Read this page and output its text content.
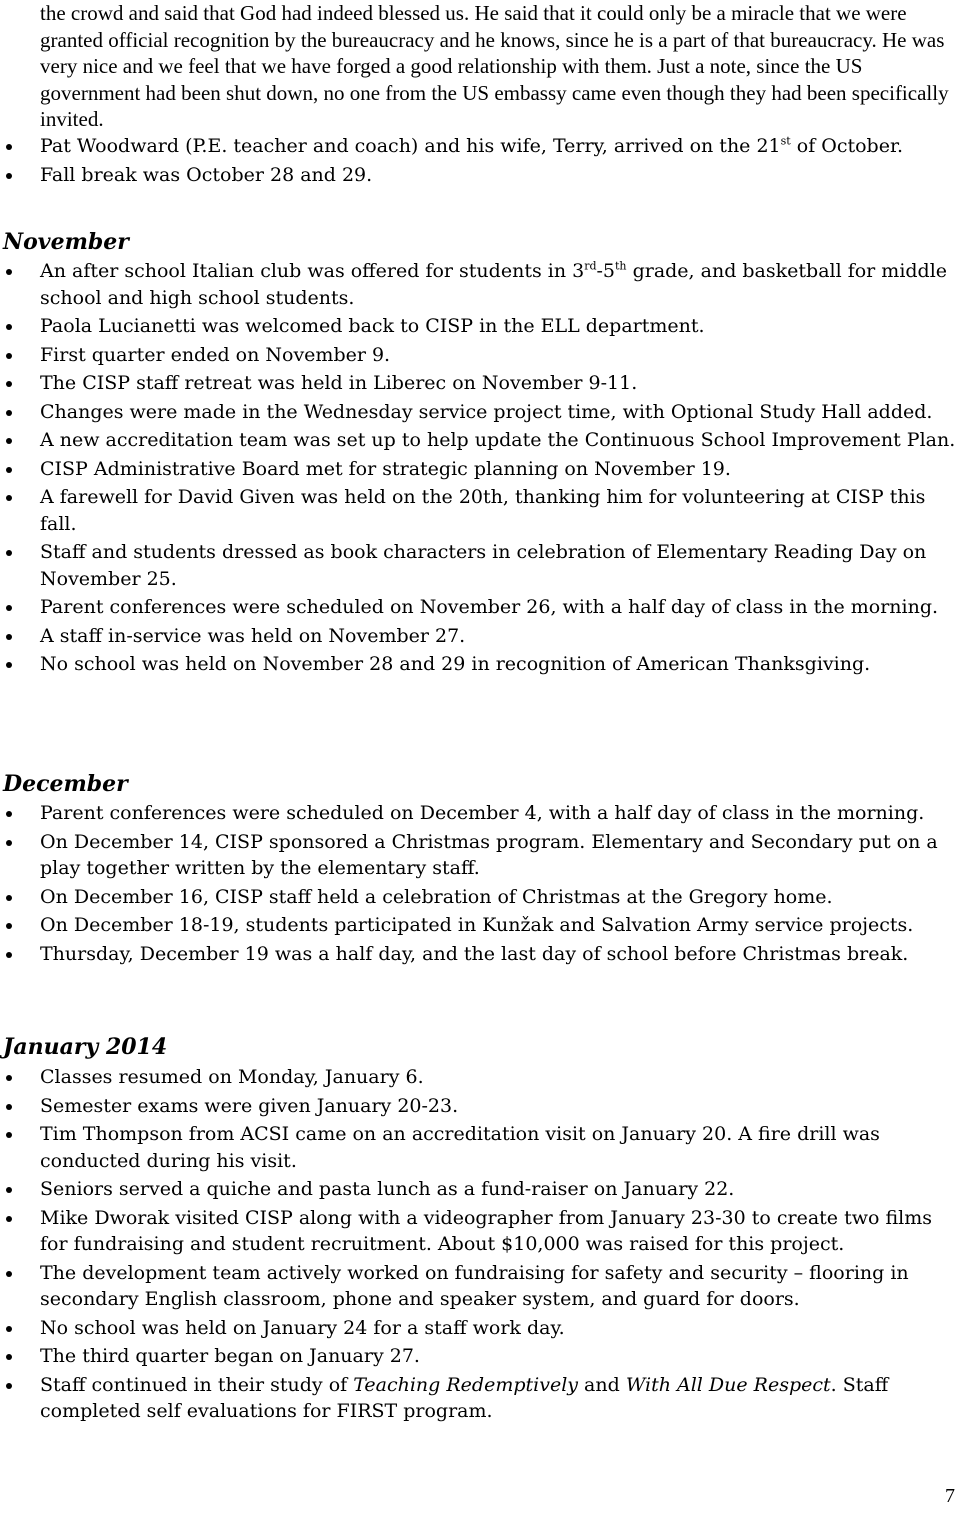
the crowd and said that God had indeed blessed us. He said that it could only be a miracle that we were granted official recognition by the bureaucracy and he knows, since he is a part of that bureaucracy. He was very nice and we feel that we have forged a good relationship with them. Just a note, since the US government had been shut down, no one from the US embassy came even though they had been specifically invited.
Pat Woodward (P.E. teacher and coach) and his wife, Terry, arrived on the 21st of October.
Fall break was October 28 and 29.
November
An after school Italian club was offered for students in 3rd-5th grade, and basketball for middle school and high school students.
Paola Lucianetti was welcomed back to CISP in the ELL department.
First quarter ended on November 9.
The CISP staff retreat was held in Liberec on November 9-11.
Changes were made in the Wednesday service project time, with Optional Study Hall added.
A new accreditation team was set up to help update the Continuous School Improvement Plan.
CISP Administrative Board met for strategic planning on November 19.
A farewell for David Given was held on the 20th, thanking him for volunteering at CISP this fall.
Staff and students dressed as book characters in celebration of Elementary Reading Day on November 25.
Parent conferences were scheduled on November 26, with a half day of class in the morning.
A staff in-service was held on November 27.
No school was held on November 28 and 29 in recognition of American Thanksgiving.
December
Parent conferences were scheduled on December 4, with a half day of class in the morning.
On December 14, CISP sponsored a Christmas program. Elementary and Secondary put on a play together written by the elementary staff.
On December 16, CISP staff held a celebration of Christmas at the Gregory home.
On December 18-19, students participated in Kunžak and Salvation Army service projects.
Thursday, December 19 was a half day, and the last day of school before Christmas break.
January 2014
Classes resumed on Monday, January 6.
Semester exams were given January 20-23.
Tim Thompson from ACSI came on an accreditation visit on January 20. A fire drill was conducted during his visit.
Seniors served a quiche and pasta lunch as a fund-raiser on January 22.
Mike Dworak visited CISP along with a videographer from January 23-30 to create two films for fundraising and student recruitment. About $10,000 was raised for this project.
The development team actively worked on fundraising for safety and security – flooring in secondary English classroom, phone and speaker system, and guard for doors.
No school was held on January 24 for a staff work day.
The third quarter began on January 27.
Staff continued in their study of Teaching Redemptively and With All Due Respect. Staff completed self evaluations for FIRST program.
7
